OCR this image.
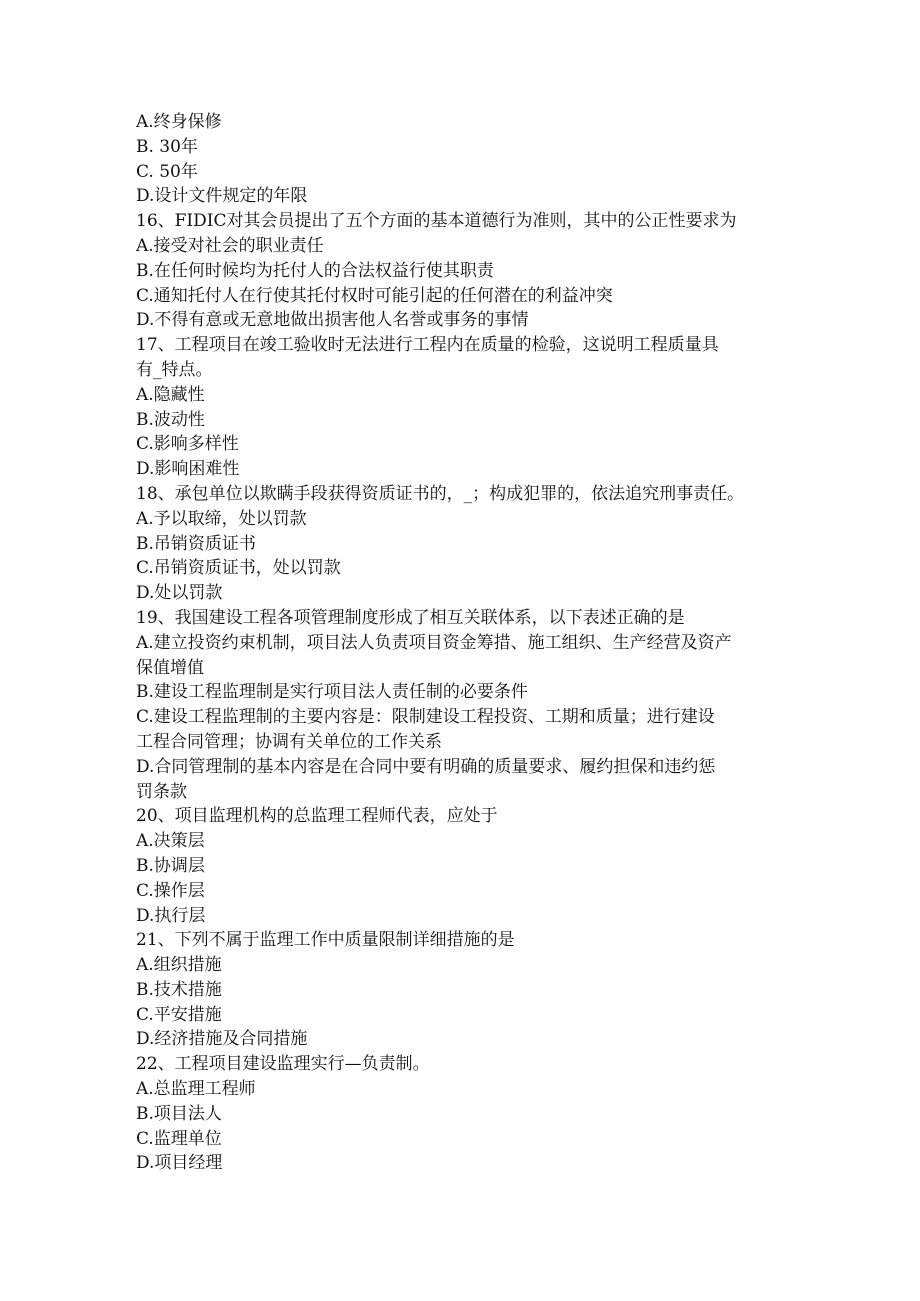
A.终身保修
B. 30年
C. 50年
D.设计文件规定的年限
16、FIDIC对其会员提出了五个方面的基本道德行为准则，其中的公正性要求为
A.接受对社会的职业责任
B.在任何时候均为托付人的合法权益行使其职责
C.通知托付人在行使其托付权时可能引起的任何潜在的利益冲突
D.不得有意或无意地做出损害他人名誉或事务的事情
17、工程项目在竣工验收时无法进行工程内在质量的检验，这说明工程质量具
有_特点。
A.隐藏性
B.波动性
C.影响多样性
D.影响困难性
18、承包单位以欺瞒手段获得资质证书的，_；构成犯罪的，依法追究刑事责任。
A.予以取缔，处以罚款
B.吊销资质证书
C.吊销资质证书，处以罚款
D.处以罚款
19、我国建设工程各项管理制度形成了相互关联体系，以下表述正确的是
A.建立投资约束机制，项目法人负责项目资金筹措、施工组织、生产经营及资产
保值增值
B.建设工程监理制是实行项目法人责任制的必要条件
C.建设工程监理制的主要内容是：限制建设工程投资、工期和质量；进行建设
工程合同管理；协调有关单位的工作关系
D.合同管理制的基本内容是在合同中要有明确的质量要求、履约担保和违约惩
罚条款
20、项目监理机构的总监理工程师代表，应处于
A.决策层
B.协调层
C.操作层
D.执行层
21、下列不属于监理工作中质量限制详细措施的是
A.组织措施
B.技术措施
C.平安措施
D.经济措施及合同措施
22、工程项目建设监理实行—负责制。
A.总监理工程师
B.项目法人
C.监理单位
D.项目经理
